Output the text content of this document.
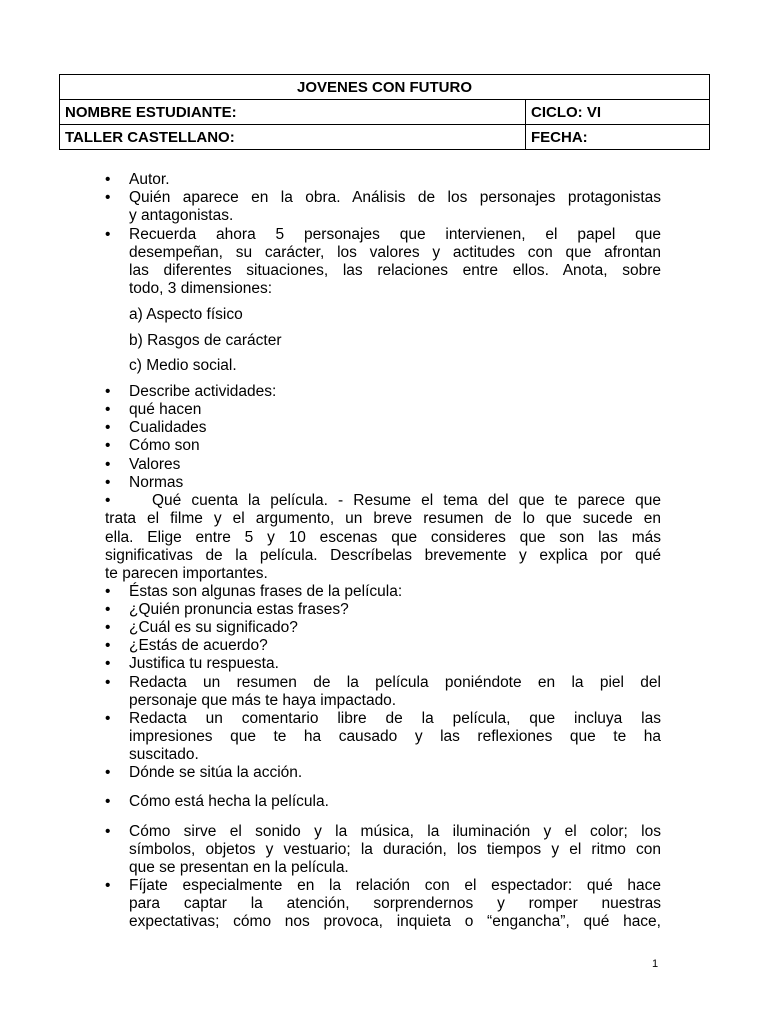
JOVENES CON FUTURO	
NOMBRE ESTUDIANTE:	CICLO: VI
TALLER CASTELLANO:	FECHA:
• Autor.
• Quién aparece en la obra. Análisis de los personajes protagonistas
y antagonistas.
• Recuerda ahora 5 personajes que intervienen, el papel que
desempeñan, su carácter, los valores y actitudes con que afrontan
las diferentes situaciones, las relaciones entre ellos. Anota, sobre
todo, 3 dimensiones:
a) Aspecto físico
b) Rasgos de carácter
c) Medio social.
• Describe actividades:
• qué hacen
• Cualidades
• Cómo son
• Valores
• Normas
•	Qué cuenta la película. - Resume el tema del que te parece que
trata el filme y el argumento, un breve resumen de lo que sucede en
ella. Elige entre 5 y 10 escenas que consideres que son las más
significativas de la película. Descríbelas brevemente y explica por qué
te parecen importantes.
• Éstas son algunas frases de la película:
• ¿Quién pronuncia estas frases?
• ¿Cuál es su significado?
• ¿Estás de acuerdo?
• Justifica tu respuesta.
• Redacta un resumen de la película poniéndote en la piel del
personaje que más te haya impactado.
• Redacta un comentario libre de la película, que incluya las
impresiones que te ha causado y las reflexiones que te ha
suscitado.
• Dónde se sitúa la acción.
• Cómo está hecha la película.
• Cómo sirve el sonido y la música, la iluminación y el color; los
símbolos, objetos y vestuario; la duración, los tiempos y el ritmo con
que se presentan en la película.
• Fíjate especialmente en la relación con el espectador: qué hace
para captar la atención, sorprendernos y romper nuestras
expectativas; cómo nos provoca, inquieta o “engancha”, qué hace,
1
